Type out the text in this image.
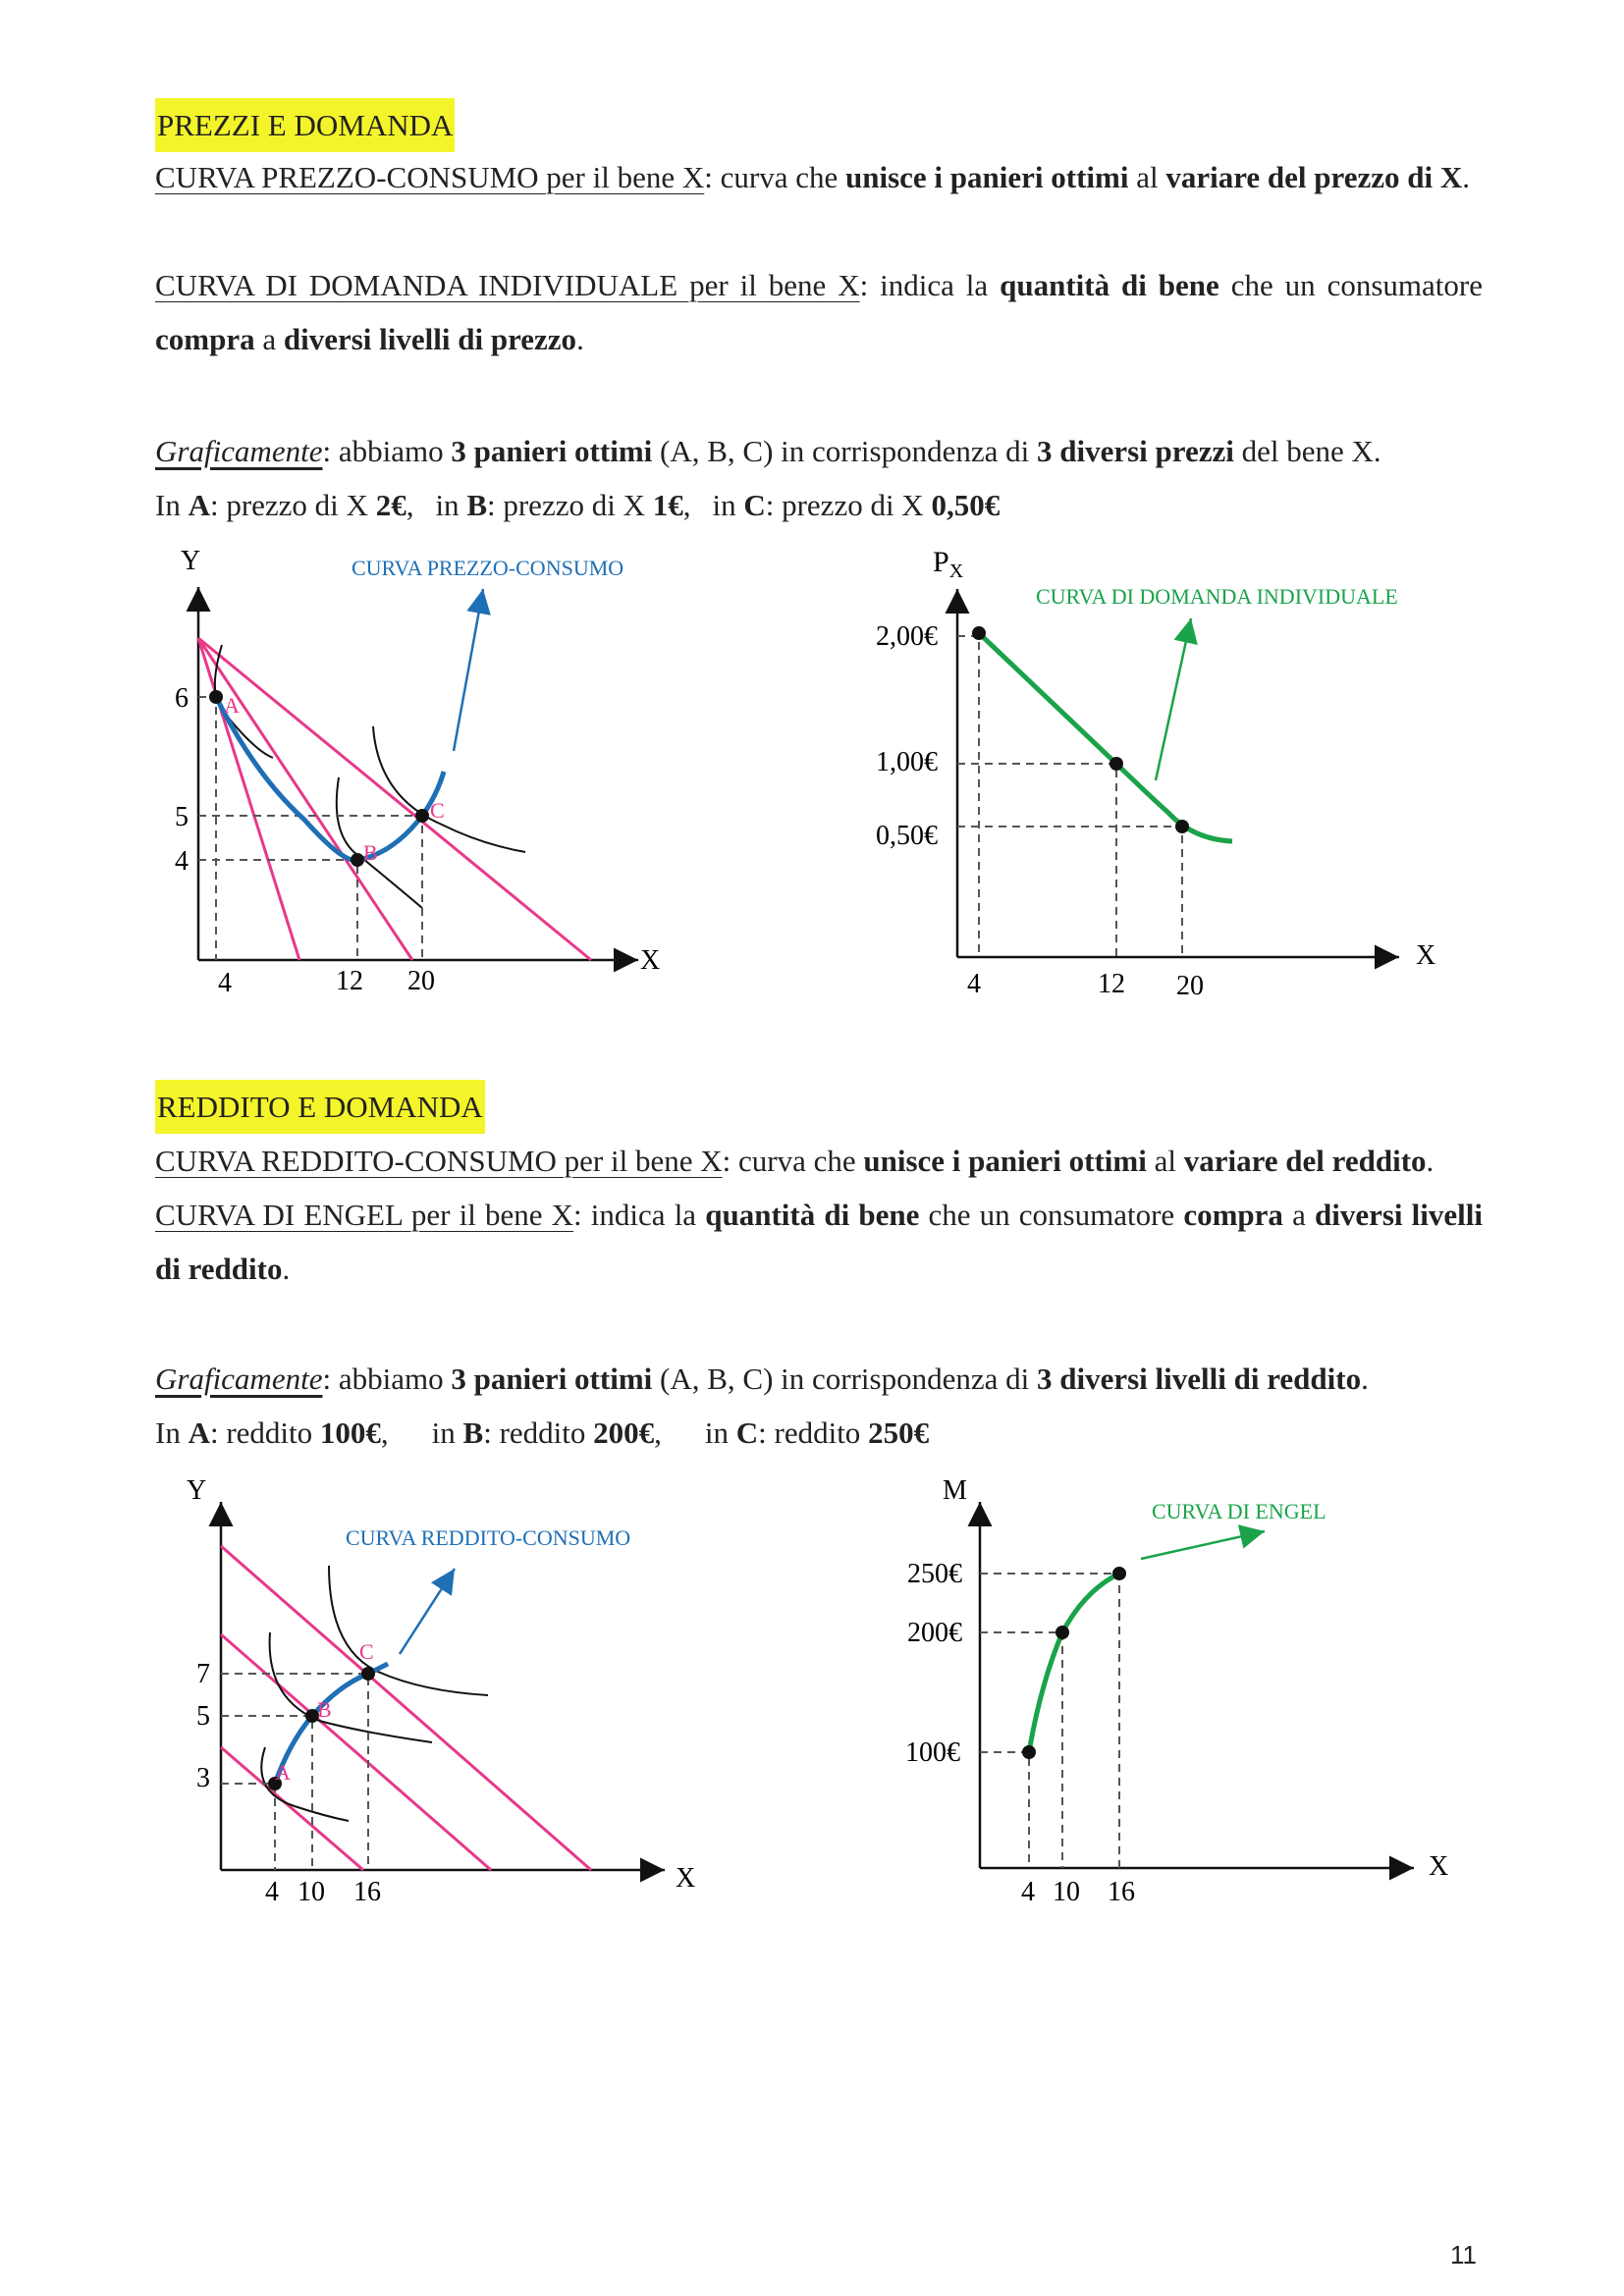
PREZZI E DOMANDA
CURVA PREZZO-CONSUMO per il bene X: curva che unisce i panieri ottimi al variare del prezzo di X.
CURVA DI DOMANDA INDIVIDUALE per il bene X: indica la quantità di bene che un consumatore compra a diversi livelli di prezzo.
Graficamente: abbiamo 3 panieri ottimi (A, B, C) in corrispondenza di 3 diversi prezzi del bene X.
In A: prezzo di X 2€, in B: prezzo di X 1€, in C: prezzo di X 0,50€
Y
X
CURVA PREZZO-CONSUMO
A
B
C
6
5
4
4	12 20
$P_X$
X
CURVA DI DOMANDA INDIVIDUALE
2,00€
1,00€
0,50€
4	12 20
REDDITO E DOMANDA
CURVA REDDITO-CONSUMO per il bene X: curva che unisce i panieri ottimi al variare del reddito.
CURVA DI ENGEL per il bene X: indica la quantità di bene che un consumatore compra a diversi livelli di reddito.
Graficamente: abbiamo 3 panieri ottimi (A, B, C) in corrispondenza di 3 diversi livelli di reddito.
In A: reddito 100€, in B: reddito 200€, in C: reddito 250€
Y
X
CURVA REDDITO-CONSUMO
A
B
C
7
5
3
4 10 16
M
X
CURVA DI ENGEL
250€
200€
100€
4 10 16
11
